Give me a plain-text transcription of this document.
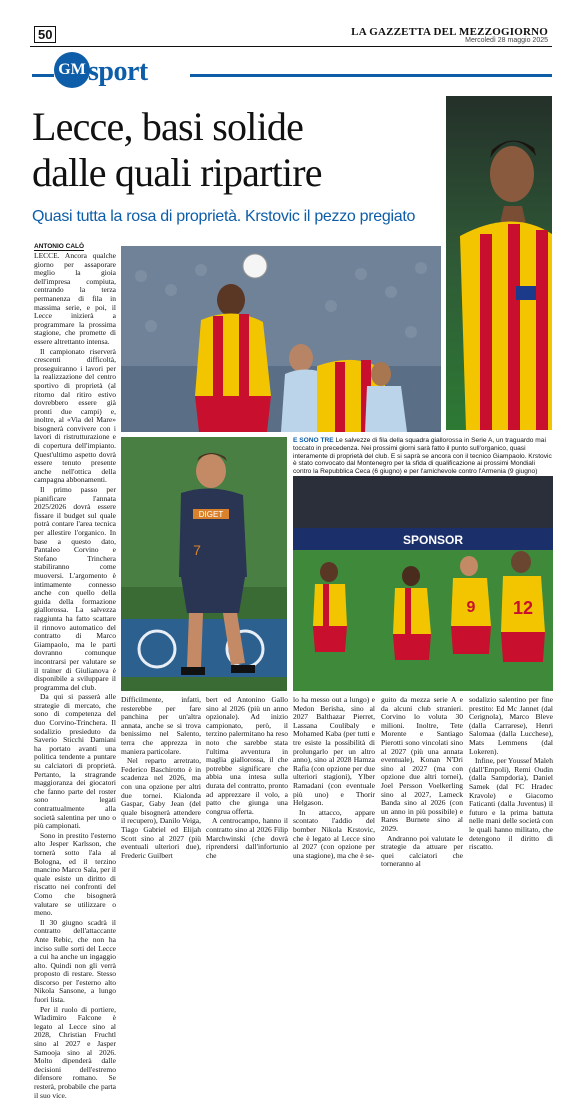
50	LA GAZZETTA DEL MEZZOGIORNO
Mercoledì 28 maggio 2025
GM sport
Lecce, basi solide
dalle quali ripartire
Quasi tutta la rosa di proprietà. Krstovic il pezzo pregiato
ANTONIO CALÒ

LECCE. Ancora qualche giorno per assaporare meglio la gioia dell'impresa compiuta, centrando la terza permanenza di fila in massima serie, e poi, il Lecce inizierà a programmare la prossima stagione, che promette di essere altrettanto intensa.

Il campionato riserverà crescenti difficoltà, proseguiranno i lavori per la realizzazione del centro sportivo di proprietà (al ritorno dal ritiro estivo dovrebbero essere già pronti due campi) e, inoltre, al «Via del Mare» bisognerà convivere con i lavori di ristrutturazione e di copertura dell'impianto. Quest'ultimo aspetto dovrà essere tenuto presente anche nell'ottica della campagna abbonamenti.

Il primo passo per pianificare l'annata 2025/2026 dovrà essere fissare il budget sul quale potrà contare l'area tecnica per allestire l'organico. In base a questo dato, Pantaleo Corvino e Stefano Trinchera stabiliranno come muoversi. L'argomento è intimamente connesso anche con quello della guida della formazione giallorossa. La salvezza raggiunta ha fatto scattare il rinnovo automatico del contratto di Marco Giampaolo, ma le parti dovranno comunque incontrarsi per valutare se il trainer di Giulianova è disponibile a sviluppare il programma del club.

Da qui si passerà alle strategie di mercato, che sono di competenza del duo Corvino-Trinchera. Il sodalizio presieduto da Saverio Sticchi Damiani ha portato avanti una politica tendente a puntare su calciatori di proprietà. Pertanto, la stragrande maggioranza dei giocatori che fanno parte del roster sono legati contrattualmente alla società salentina per uno o più campionati.

Sono in prestito l'esterno alto Jesper Karlsson, che tornerà sotto l'ala al Bologna, ed il terzino mancino Marco Sala, per il quale esiste un diritto di riscatto nei confronti del Como che bisognerà valutare se utilizzare o meno.

Il 30 giugno scadrà il contratto dell'attaccante Ante Rebic, che non ha inciso sulle sorti del Lecce a cui ha anche un ingaggio alto. Quindi non gli verrà proposto di restare. Stesso discorso per l'esterno alto Nikola Sansone, a lungo fuori lista.

Per il ruolo di portiere, Wladimiro Falcone è legato al Lecce sino al 2028, Christian Fruchtl sino al 2027 e Jasper Samooja sino al 2026. Molto dipenderà dalle decisioni dell'estremo difensore romano. Se resterà, probabile che parta il suo vice.

E SONO TRE Le salvezze di fila della squadra giallorossa in Serie A, un traguardo mai toccato in precedenza. Nei prossimi giorni sarà fatto il punto sull'organico, quasi interamente di proprietà del club. E si saprà se ancora con il tecnico Giampaolo. Krstovic è stato convocato dal Montenegro per la sfida di qualificazione ai prossimi Mondiali contro la Repubblica Ceca (6 giugno) e per l'amichevole contro l'Armenia (9 giugno)
DIGET
7
SPONSOR
9 12

Difficilmente, infatti, resterebbe per fare panchina per un'altra annata, anche se si trova benissimo nel Salento, terra che apprezza in maniera particolare.

Nel reparto arretrato, Federico Baschirotto è in scadenza nel 2026, ma con una opzione per altri due tornei. Kialonda Gaspar, Gaby Jean (del quale bisognerà attendere il recupero), Danilo Veiga, Tiago Gabriel ed Elijah Scott sino al 2027 (più eventuali ulteriori due), Frederic Guilbert

bert ed Antonino Gallo sino al 2026 (più un anno opzionale). Ad inizio campionato, però, il terzino palermitano ha reso noto che sarebbe stata l'ultima avventura in maglia giallorossa, il che potrebbe significare che abbia una intesa sulla durata del contratto, pronto ad apprezzare il volo, a patto che giunga una congrua offerta.

A centrocampo, hanno il contratto sino al 2026 Filip Marchwinski (che dovrà riprendersi dall'infortunio che

lo ha messo out a lungo) e Medon Berisha, sino al 2027 Balthazar Pierret, Lassana Coulibaly e Mohamed Kaba (per tutti e tre esiste la possibilità di prolungarlo per un altro anno), sino al 2028 Hamza Rafia (con opzione per due ulteriori stagioni), Ylber Ramadani (con eventuale più uno) e Thorir Helgason.

In attacco, appare scontato l'addio del bomber Nikola Krstovic, che è legato al Lecce sino al 2027 (con opzione per una stagione), ma che è se-

guito da mezza serie A e da alcuni club stranieri. Corvino lo voluta 30 milioni. Inoltre, Tete Morente e Santiago Pierotti sono vincolati sino al 2027 (più una annata eventuale), Konan N'Dri sino al 2027 (ma con opzione due altri tornei), Joel Persson Voelkerling sino al 2027, Lameck Banda sino al 2026 (con un anno in più possibile) e Rares Burnete sino al 2029.

Andranno poi valutate le strategie da attuare per quei calciatori che torneranno al

sodalizio salentino per fine prestito: Ed Mc Jannet (dal Cerignola), Marco Bleve (dalla Carrarese), Henri Salomaa (dalla Lucchese), Mats Lemmens (dal Lokeren).

Infine, per Youssef Maleh (dall'Empoli), Remi Oudin (dalla Sampdoria), Daniel Samek (dal FC Hradec Kravole) e Giacomo Faticanti (dalla Juventus) il futuro e la prima battuta nelle mani delle società con le quali hanno militato, che detengono il diritto di riscatto.
